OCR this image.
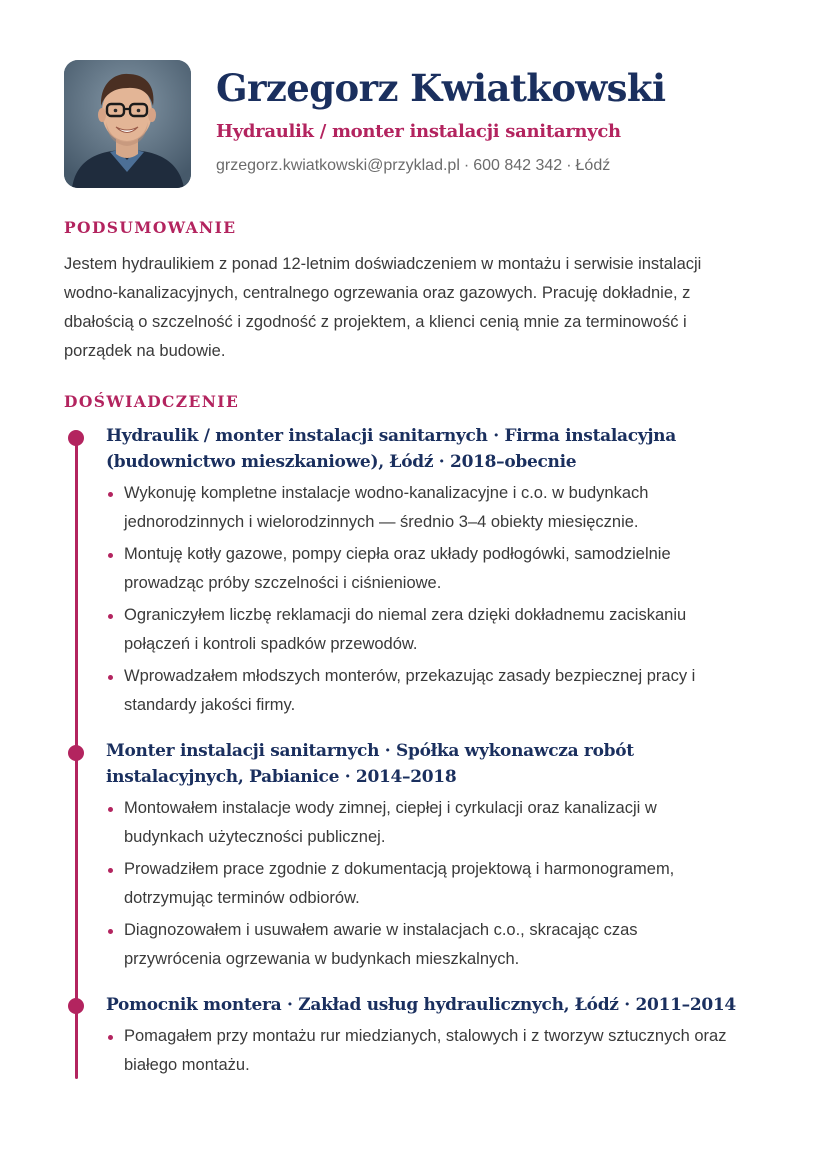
Grzegorz Kwiatkowski
Hydraulik / monter instalacji sanitarnych
grzegorz.kwiatkowski@przyklad.pl · 600 842 342 · Łódź
PODSUMOWANIE

Jestem hydraulikiem z ponad 12-letnim doświadczeniem w montażu i serwisie instalacji wodno-kanalizacyjnych, centralnego ogrzewania oraz gazowych. Pracuję dokładnie, z dbałością o szczelność i zgodność z projektem, a klienci cenią mnie za terminowość i porządek na budowie.

DOŚWIADCZENIE
Hydraulik / monter instalacji sanitarnych · Firma instalacyjna (budownictwo mieszkaniowe), Łódź · 2018–obecnie
Wykonuję kompletne instalacje wodno-kanalizacyjne i c.o. w budynkach jednorodzinnych i wielorodzinnych — średnio 3–4 obiekty miesięcznie.
Montuję kotły gazowe, pompy ciepła oraz układy podłogówki, samodzielnie prowadząc próby szczelności i ciśnieniowe.
Ograniczyłem liczbę reklamacji do niemal zera dzięki dokładnemu zaciskaniu połączeń i kontroli spadków przewodów.
Wprowadzałem młodszych monterów, przekazując zasady bezpiecznej pracy i standardy jakości firmy.
Monter instalacji sanitarnych · Spółka wykonawcza robót instalacyjnych, Pabianice · 2014–2018
Montowałem instalacje wody zimnej, ciepłej i cyrkulacji oraz kanalizacji w budynkach użyteczności publicznej.
Prowadziłem prace zgodnie z dokumentacją projektową i harmonogramem, dotrzymując terminów odbiorów.
Diagnozowałem i usuwałem awarie w instalacjach c.o., skracając czas przywrócenia ogrzewania w budynkach mieszkalnych.
Pomocnik montera · Zakład usług hydraulicznych, Łódź · 2011–2014
Pomagałem przy montażu rur miedzianych, stalowych i z tworzyw sztucznych oraz białego montażu.
